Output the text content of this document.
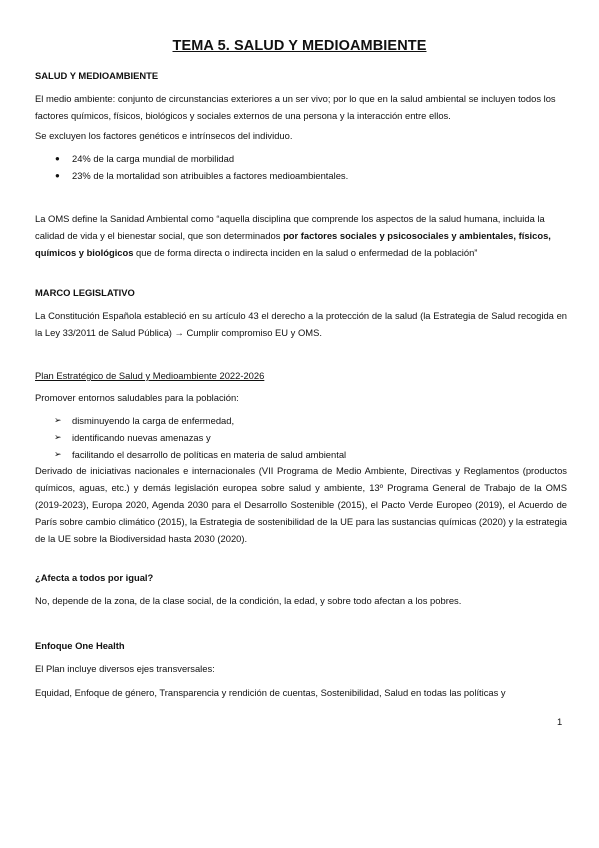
TEMA 5. SALUD Y MEDIOAMBIENTE

SALUD Y MEDIOAMBIENTE

El medio ambiente: conjunto de circunstancias exteriores a un ser vivo; por lo que en la salud ambiental se incluyen todos los factores químicos, físicos, biológicos y sociales externos de una persona y la interacción entre ellos.

Se excluyen los factores genéticos e intrínsecos del individuo.

● 24% de la carga mundial de morbilidad
● 23% de la mortalidad son atribuibles a factores medioambientales.

La OMS define la Sanidad Ambiental como “aquella disciplina que comprende los aspectos de la salud humana, incluida la calidad de vida y el bienestar social, que son determinados por factores sociales y psicosociales y ambientales, físicos, químicos y biológicos que de forma directa o indirecta inciden en la salud o enfermedad de la población”

MARCO LEGISLATIVO

La Constitución Española estableció en su artículo 43 el derecho a la protección de la salud (la Estrategia de Salud recogida en la Ley 33/2011 de Salud Pública) → Cumplir compromiso EU y OMS.

Plan Estratégico de Salud y Medioambiente 2022-2026

Promover entornos saludables para la población:

➢ disminuyendo la carga de enfermedad,
➢ identificando nuevas amenazas y
➢ facilitando el desarrollo de políticas en materia de salud ambiental

Derivado de iniciativas nacionales e internacionales (VII Programa de Medio Ambiente, Directivas y Reglamentos (productos químicos, aguas, etc.) y demás legislación europea sobre salud y ambiente, 13º Programa General de Trabajo de la OMS (2019-2023), Europa 2020, Agenda 2030 para el Desarrollo Sostenible (2015), el Pacto Verde Europeo (2019), el Acuerdo de París sobre cambio climático (2015), la Estrategia de sostenibilidad de la UE para las sustancias químicas (2020) y la estrategia de la UE sobre la Biodiversidad hasta 2030 (2020).

¿Afecta a todos por igual?

No, depende de la zona, de la clase social, de la condición, la edad, y sobre todo afectan a los pobres.

Enfoque One Health

El Plan incluye diversos ejes transversales:

Equidad, Enfoque de género, Transparencia y rendición de cuentas, Sostenibilidad, Salud en todas las políticas y

1
